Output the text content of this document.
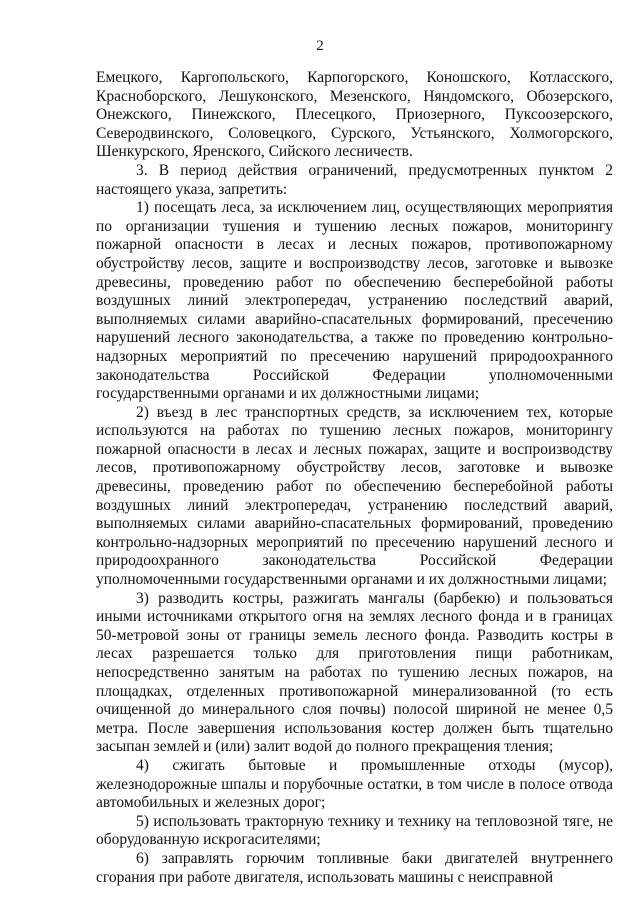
2

Емецкого, Каргопольского, Карпогорского, Коношского, Котласского, Красноборского, Лешуконского, Мезенского, Няндомского, Обозерского, Онежского, Пинежского, Плесецкого, Приозерного, Пуксоозерского, Северодвинского, Соловецкого, Сурского, Устьянского, Холмогорского, Шенкурского, Яренского, Сийского лесничеств.

3. В период действия ограничений, предусмотренных пунктом 2 настоящего указа, запретить:

1) посещать леса, за исключением лиц, осуществляющих мероприятия по организации тушения и тушению лесных пожаров, мониторингу пожарной опасности в лесах и лесных пожаров, противопожарному обустройству лесов, защите и воспроизводству лесов, заготовке и вывозке древесины, проведению работ по обеспечению бесперебойной работы воздушных линий электропередач, устранению последствий аварий, выполняемых силами аварийно-спасательных формирований, пресечению нарушений лесного законодательства, а также по проведению контрольно-надзорных мероприятий по пресечению нарушений природоохранного законодательства Российской Федерации уполномоченными государственными органами и их должностными лицами;

2) въезд в лес транспортных средств, за исключением тех, которые используются на работах по тушению лесных пожаров, мониторингу пожарной опасности в лесах и лесных пожарах, защите и воспроизводству лесов, противопожарному обустройству лесов, заготовке и вывозке древесины, проведению работ по обеспечению бесперебойной работы воздушных линий электропередач, устранению последствий аварий, выполняемых силами аварийно-спасательных формирований, проведению контрольно-надзорных мероприятий по пресечению нарушений лесного и природоохранного законодательства Российской Федерации уполномоченными государственными органами и их должностными лицами;

3) разводить костры, разжигать мангалы (барбекю) и пользоваться иными источниками открытого огня на землях лесного фонда и в границах 50-метровой зоны от границы земель лесного фонда. Разводить костры в лесах разрешается только для приготовления пищи работникам, непосредственно занятым на работах по тушению лесных пожаров, на площадках, отделенных противопожарной минерализованной (то есть очищенной до минерального слоя почвы) полосой шириной не менее 0,5 метра. После завершения использования костер должен быть тщательно засыпан землей и (или) залит водой до полного прекращения тления;

4) сжигать бытовые и промышленные отходы (мусор), железнодорожные шпалы и порубочные остатки, в том числе в полосе отвода автомобильных и железных дорог;

5) использовать тракторную технику и технику на тепловозной тяге, не оборудованную искрогасителями;

6) заправлять горючим топливные баки двигателей внутреннего сгорания при работе двигателя, использовать машины с неисправной
